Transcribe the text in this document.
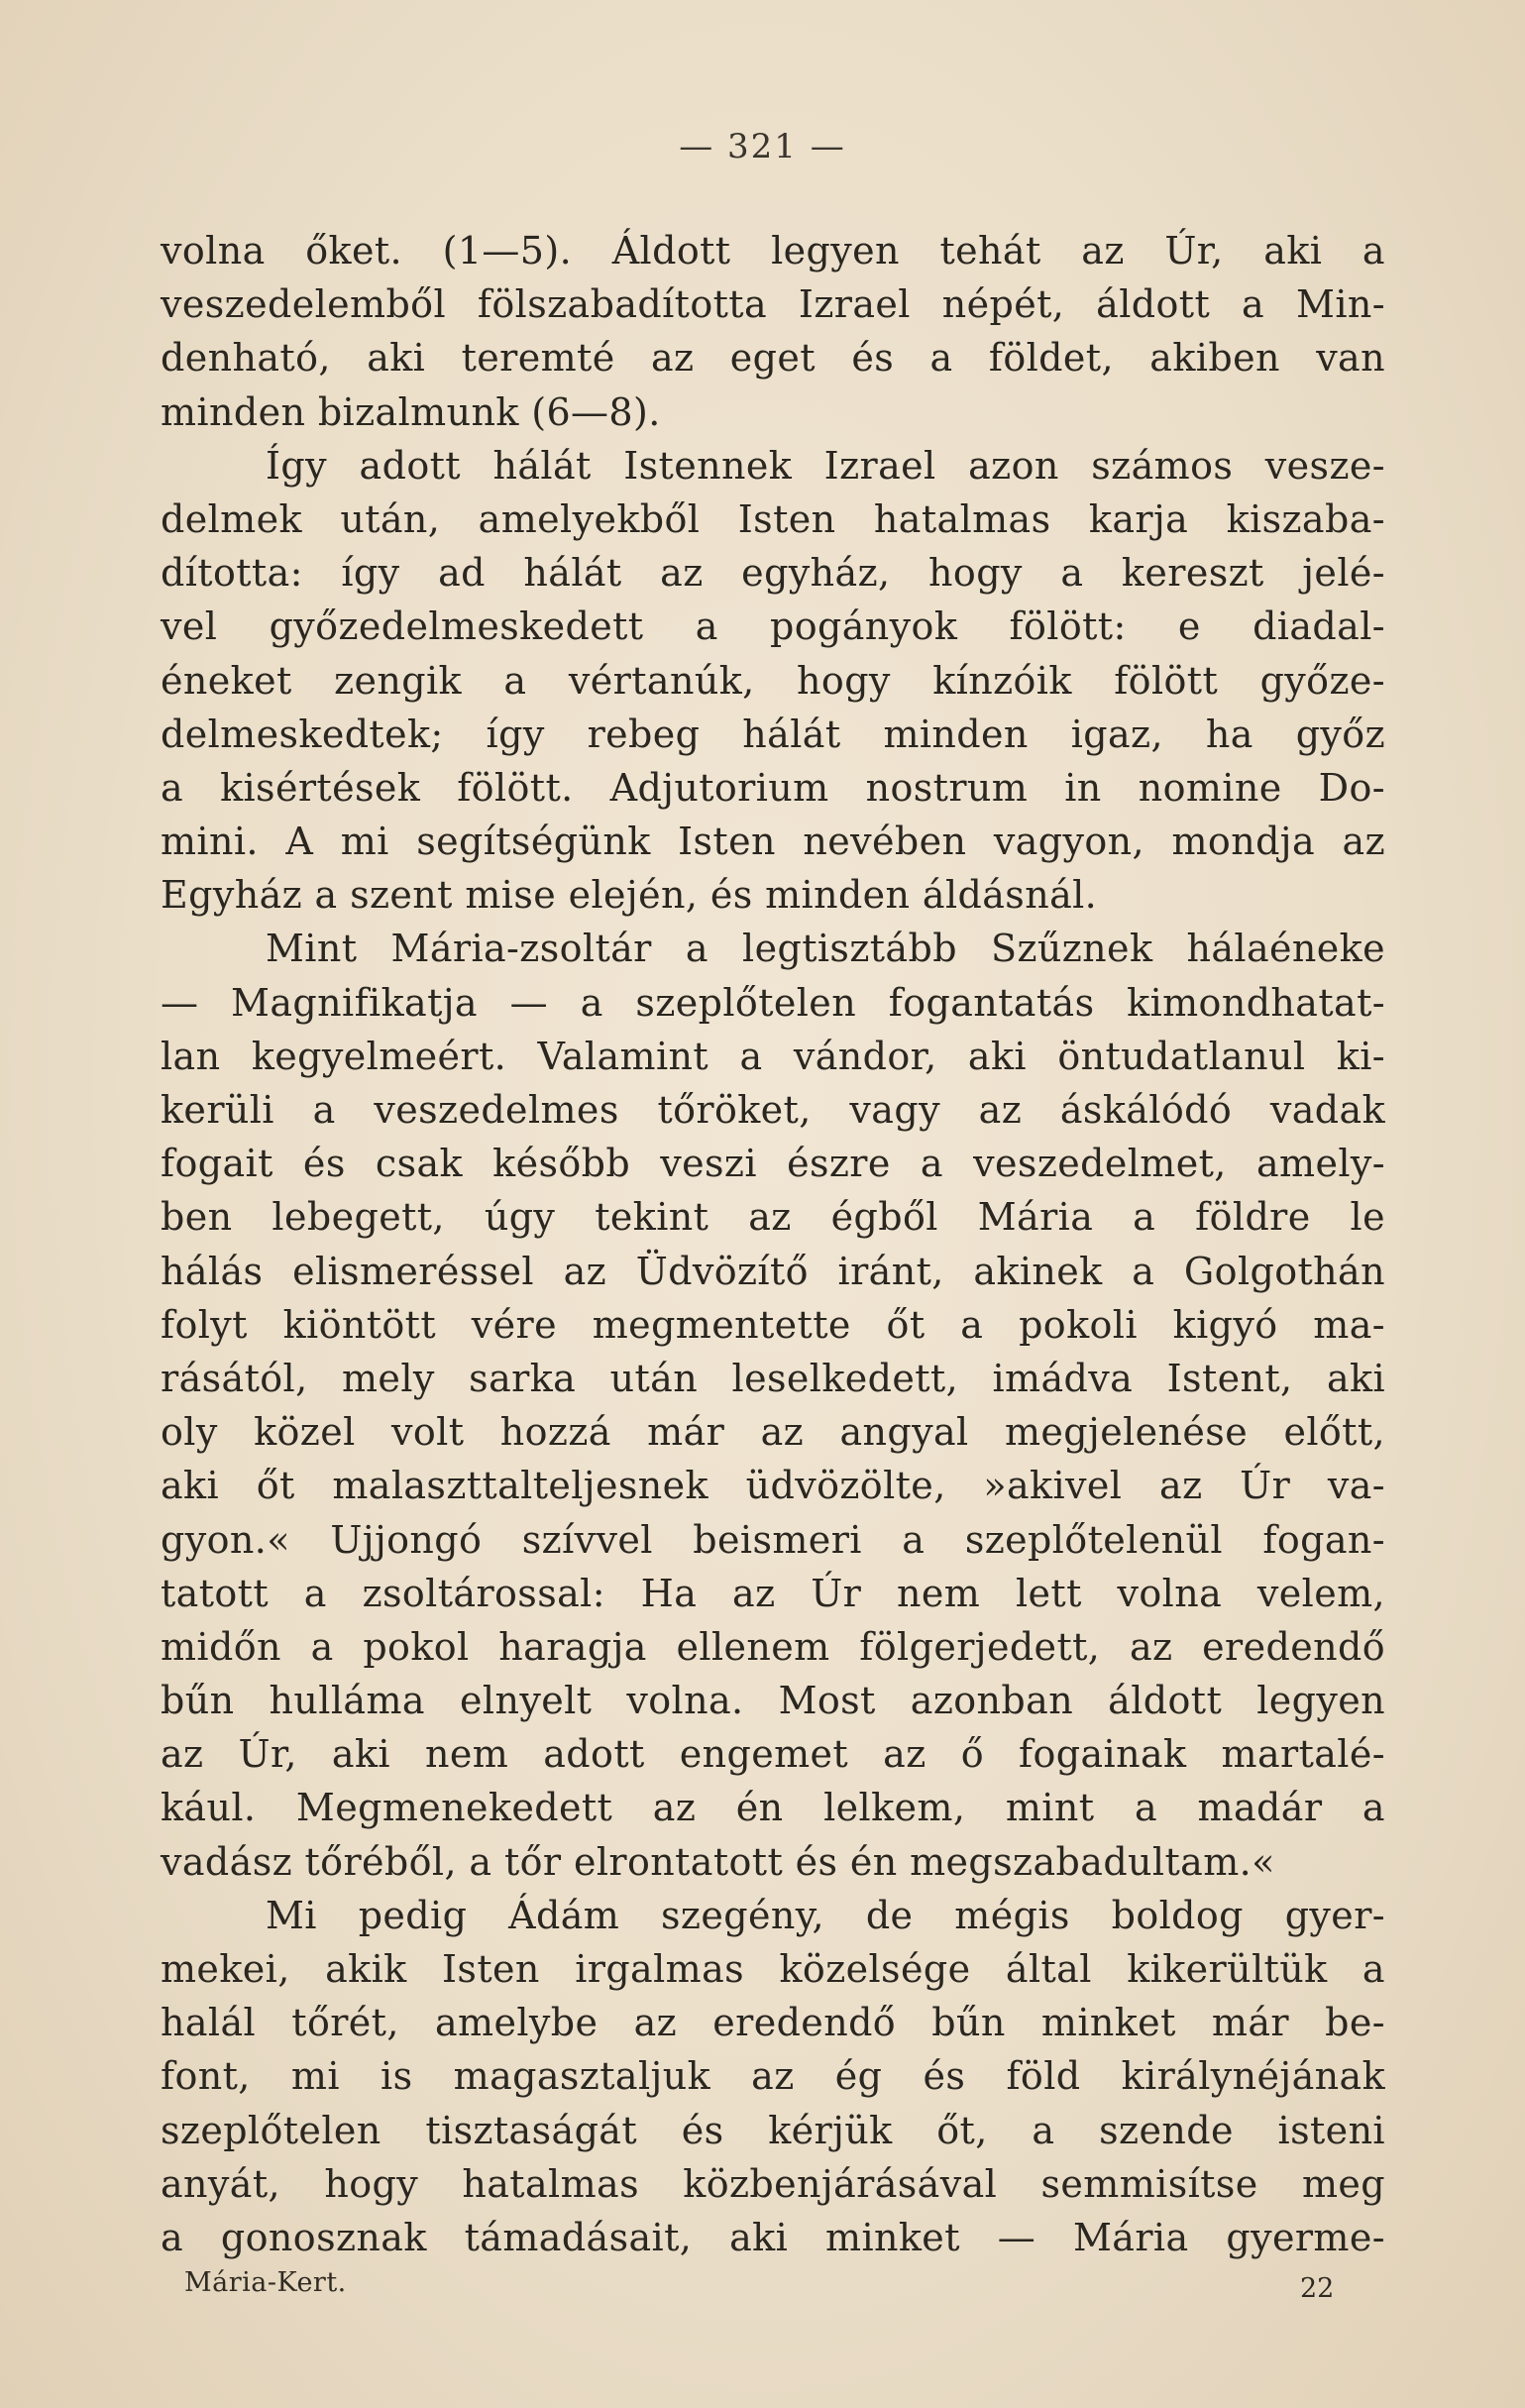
— 321 —
volna őket. (1—5). Áldott legyen tehát az Úr, aki a
veszedelemből fölszabadította Izrael népét, áldott a Min-
denható, aki teremté az eget és a földet, akiben van
minden bizalmunk (6—8).
Így adott hálát Istennek Izrael azon számos vesze-
delmek után, amelyekből Isten hatalmas karja kiszaba-
dította: így ad hálát az egyház, hogy a kereszt jelé-
vel győzedelmeskedett a pogányok fölött: e diadal-
éneket zengik a vértanúk, hogy kínzóik fölött győze-
delmeskedtek; így rebeg hálát minden igaz, ha győz
a kisértések fölött. Adjutorium nostrum in nomine Do-
mini. A mi segítségünk Isten nevében vagyon, mondja az
Egyház a szent mise elején, és minden áldásnál.
Mint Mária-zsoltár a legtisztább Szűznek hálaéneke
— Magnifikatja — a szeplőtelen fogantatás kimondhatat-
lan kegyelmeért. Valamint a vándor, aki öntudatlanul ki-
kerüli a veszedelmes tőröket, vagy az áskálódó vadak
fogait és csak később veszi észre a veszedelmet, amely-
ben lebegett, úgy tekint az égből Mária a földre le
hálás elismeréssel az Üdvözítő iránt, akinek a Golgothán
folyt kiöntött vére megmentette őt a pokoli kigyó ma-
rásától, mely sarka után leselkedett, imádva Istent, aki
oly közel volt hozzá már az angyal megjelenése előtt,
aki őt malaszttalteljesnek üdvözölte, »akivel az Úr va-
gyon.« Ujjongó szívvel beismeri a szeplőtelenül fogan-
tatott a zsoltárossal: Ha az Úr nem lett volna velem,
midőn a pokol haragja ellenem fölgerjedett, az eredendő
bűn hulláma elnyelt volna. Most azonban áldott legyen
az Úr, aki nem adott engemet az ő fogainak martalé-
kául. Megmenekedett az én lelkem, mint a madár a
vadász tőréből, a tőr elrontatott és én megszabadultam.«
Mi pedig Ádám szegény, de mégis boldog gyer-
mekei, akik Isten irgalmas közelsége által kikerültük a
halál tőrét, amelybe az eredendő bűn minket már be-
font, mi is magasztaljuk az ég és föld királynéjának
szeplőtelen tisztaságát és kérjük őt, a szende isteni
anyát, hogy hatalmas közbenjárásával semmisítse meg
a gonosznak támadásait, aki minket — Mária gyerme-
Mária-Kert.	22
